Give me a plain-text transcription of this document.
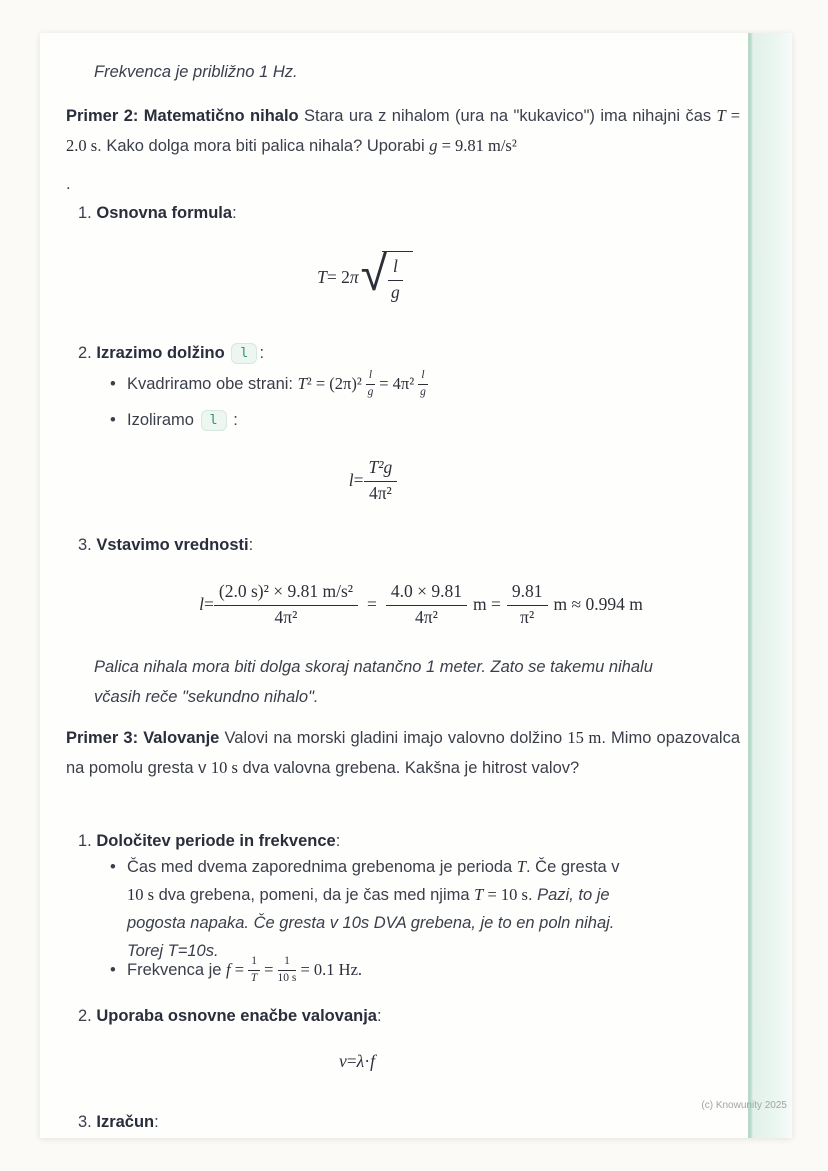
Frekvenca je približno 1 Hz.
Primer 2: Matematično nihalo Stara ura z nihalom (ura na "kukavico") ima nihajni čas T = 2.0 s. Kako dolga mora biti palica nihala? Uporabi g = 9.81 m/s²
.
1. Osnovna formula:
T = 2 π √ $\frac{l}{g}$
2. Izrazimo dolžino l :
• Kvadriramo obe strani: $T^2 = (2\pi)^2 \frac{l}{g} = 4\pi^2 \frac{l}{g}$
• Izoliramo l :
$l = \frac{\text{T²g}}{\text{4π²}}$
3. Vstavimo vrednosti:
$l = \frac{\text{(2.0 s)² × 9.81 m/s²}}{\text{4π²}} = \frac{4.0 \times 9.81}{\text{4π²}}$ $m = \frac{9.81}{\text{π²}}$ m ≈ 0.994 m
Palica nihala mora biti dolga skoraj natančno 1 meter. Zato se takemu nihalu včasih reče "sekundno nihalo".
Primer 3: Valovanje Valovi na morski gladini imajo valovno dolžino 15 m. Mimo opazovalca na pomolu gresta v 10 s dva valovna grebena. Kakšna je hitrost valov?
1. Določitev periode in frekvence:
• Čas med dvema zaporednima grebenoma je perioda T. Če gresta v 10 s dva grebena, pomeni, da je čas med njima T = 10 s. Pazi, to je pogosta napaka. Če gresta v 10s DVA grebena, je to en poln nihaj. Torej T=10s.
• Frekvenca je $f = \frac{1}{T} = \frac{1}{10 s} = 0.1$ Hz.
2. Uporaba osnovne enačbe valovanja:
v = λ · f
3. Izračun:
(c) Knowunity 2025
